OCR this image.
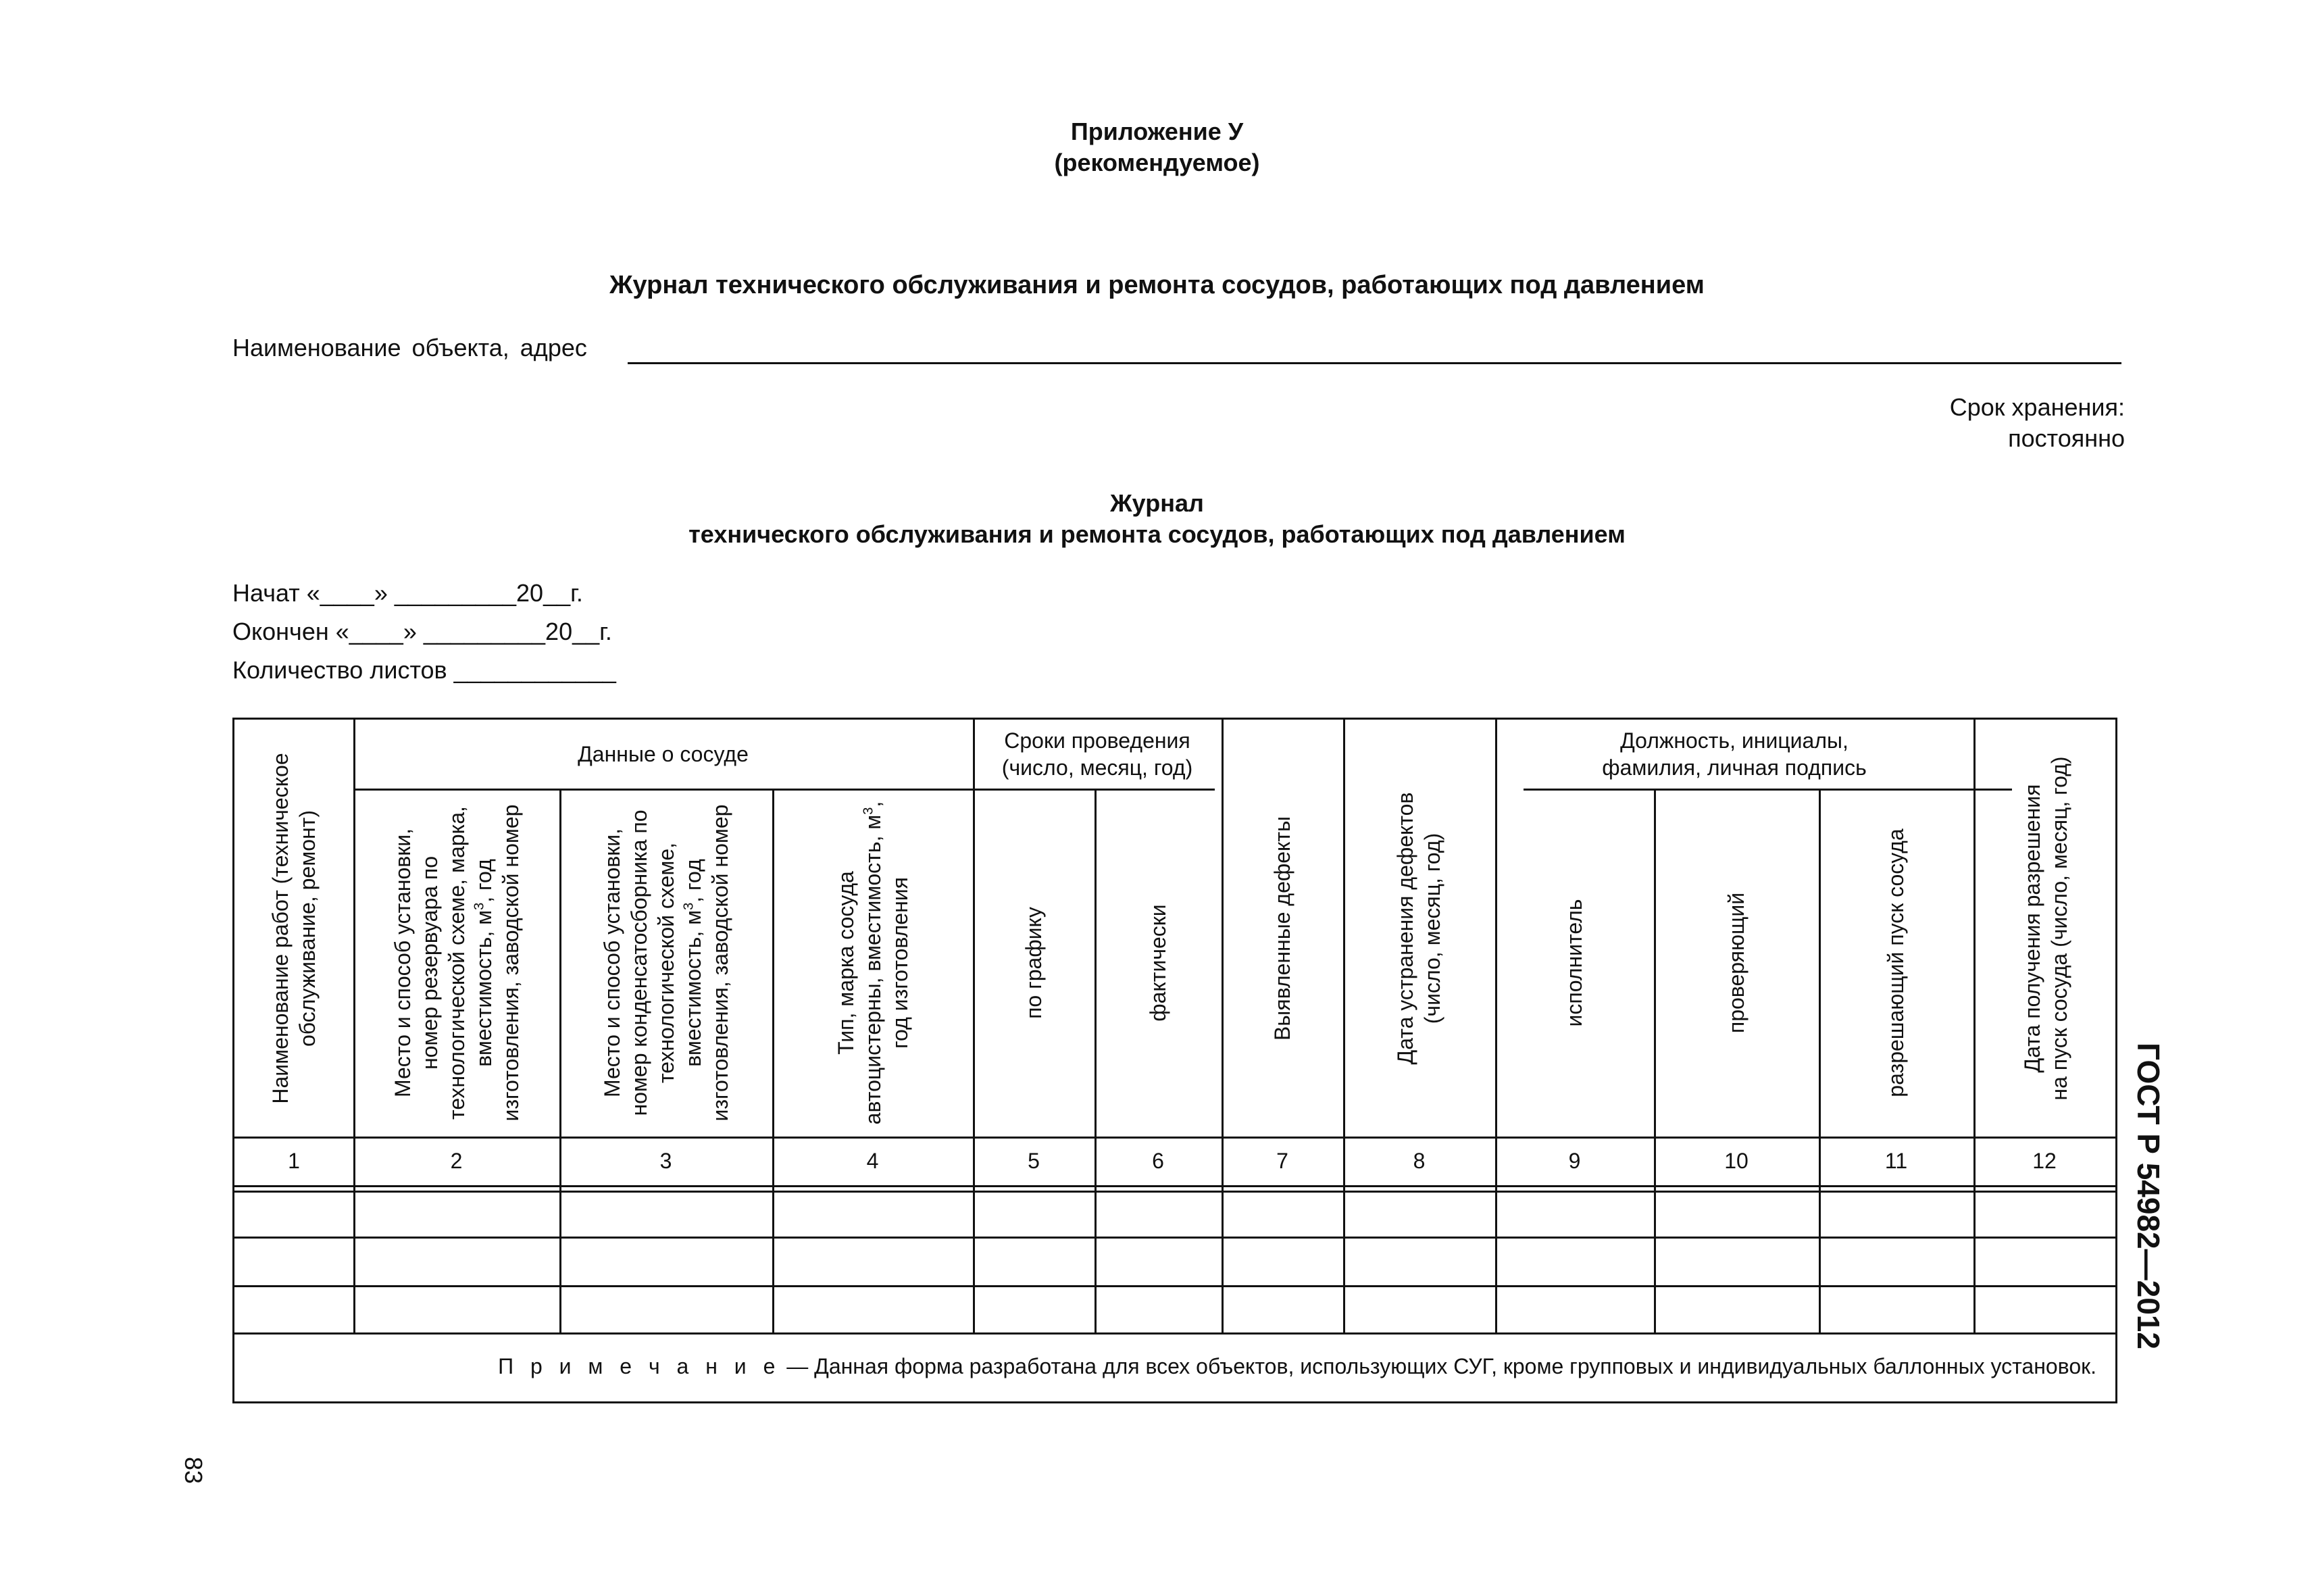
Приложение У
(рекомендуемое)
Журнал технического обслуживания и ремонта сосудов, работающих под давлением
Наименование объекта, адрес
Срок хранения:
постоянно
Журнал
технического обслуживания и ремонта сосудов, работающих под давлением
Начат «____» _________20__г.
Окончен «____» _________20__г.
Количество листов ____________
Данные о сосуде
Сроки проведения
(число, месяц, год)
Должность, инициалы,
фамилия, личная подпись
Наименование работ (техническое обслуживание, ремонт)	Место и способ установки, номер резервуара по технологической схеме, марка, вместимость, $м^3$, год изготовления, заводской номер	Место и способ установки, номер конденсатосборника по технологической схеме, вместимость, $м^3$, год изготовления, заводской номер	Тип, марка сосуда автоцистерны, вместимость, $м^3$, год изготовления	по графику	фактически	Выявленные дефекты	Дата устранения дефектов (число, месяц, год)	исполнитель	проверяющий	разрешающий пуск сосуда	Дата получения разрешения на пуск сосуда (число, месяц, год)
1	2	3	4	5	6	7	8	9	10	11	12
П р и м е ч а н и е — Данная форма разработана для всех объектов, использующих СУГ, кроме групповых и индивидуальных баллонных установок.
ГОСТ Р 54982—2012
83
